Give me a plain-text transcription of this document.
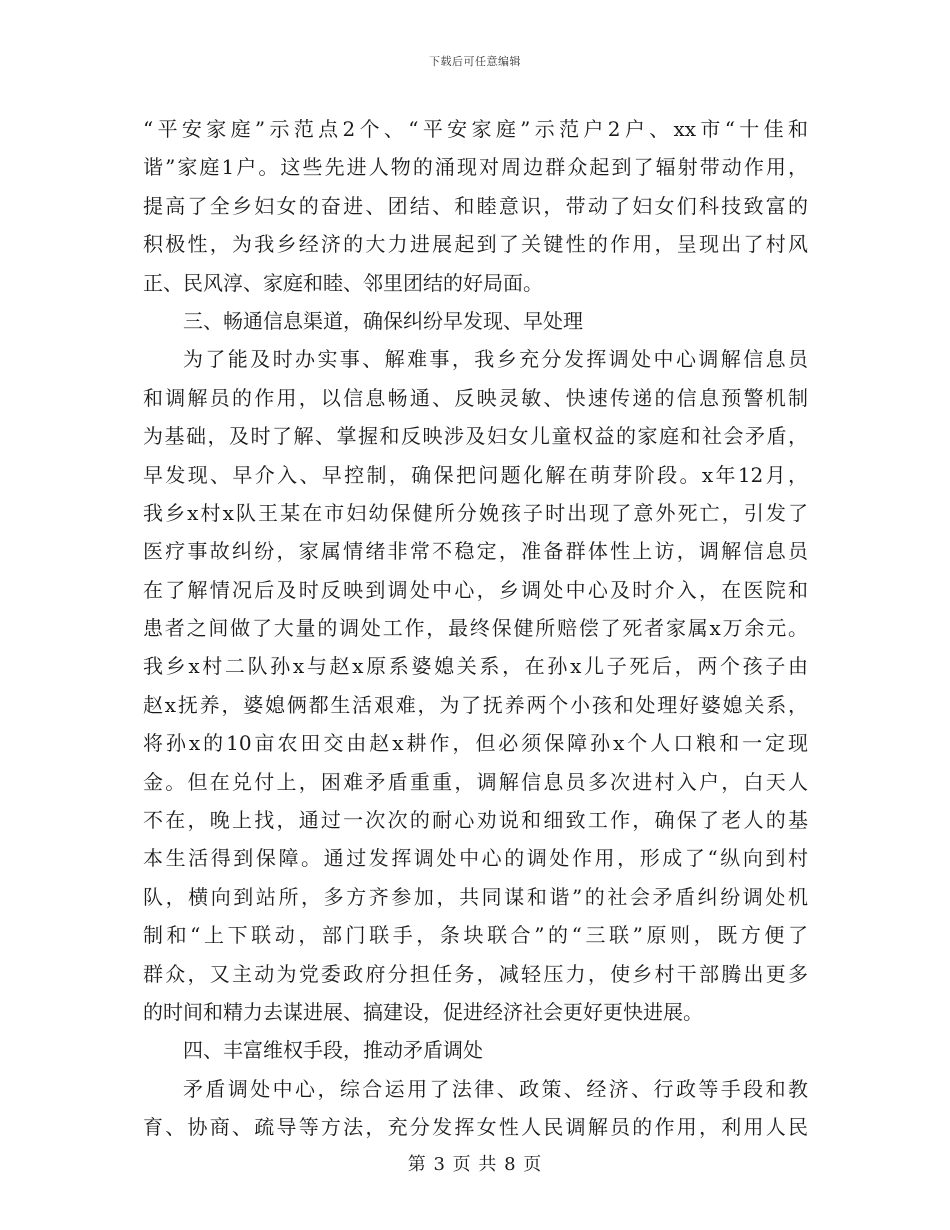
下载后可任意编辑
“平安家庭”示范点2个、“平安家庭”示范户2户、xx市“十佳和
谐”家庭1户。这些先进人物的涌现对周边群众起到了辐射带动作用，
提高了全乡妇女的奋进、团结、和睦意识，带动了妇女们科技致富的
积极性，为我乡经济的大力进展起到了关键性的作用，呈现出了村风
正、民风淳、家庭和睦、邻里团结的好局面。
三、畅通信息渠道，确保纠纷早发现、早处理
为了能及时办实事、解难事，我乡充分发挥调处中心调解信息员
和调解员的作用，以信息畅通、反映灵敏、快速传递的信息预警机制
为基础，及时了解、掌握和反映涉及妇女儿童权益的家庭和社会矛盾，
早发现、早介入、早控制，确保把问题化解在萌芽阶段。x年12月，
我乡x村x队王某在市妇幼保健所分娩孩子时出现了意外死亡，引发了
医疗事故纠纷，家属情绪非常不稳定，准备群体性上访，调解信息员
在了解情况后及时反映到调处中心，乡调处中心及时介入，在医院和
患者之间做了大量的调处工作，最终保健所赔偿了死者家属x万余元。
我乡x村二队孙x与赵x原系婆媳关系，在孙x儿子死后，两个孩子由
赵x抚养，婆媳俩都生活艰难，为了抚养两个小孩和处理好婆媳关系，
将孙x的10亩农田交由赵x耕作，但必须保障孙x个人口粮和一定现
金。但在兑付上，困难矛盾重重，调解信息员多次进村入户，白天人
不在，晚上找，通过一次次的耐心劝说和细致工作，确保了老人的基
本生活得到保障。通过发挥调处中心的调处作用，形成了“纵向到村
队，横向到站所，多方齐参加，共同谋和谐”的社会矛盾纠纷调处机
制和“上下联动，部门联手，条块联合”的“三联”原则，既方便了
群众，又主动为党委政府分担任务，减轻压力，使乡村干部腾出更多
的时间和精力去谋进展、搞建设，促进经济社会更好更快进展。
四、丰富维权手段，推动矛盾调处
矛盾调处中心，综合运用了法律、政策、经济、行政等手段和教
育、协商、疏导等方法，充分发挥女性人民调解员的作用，利用人民
第 3 页 共 8 页
